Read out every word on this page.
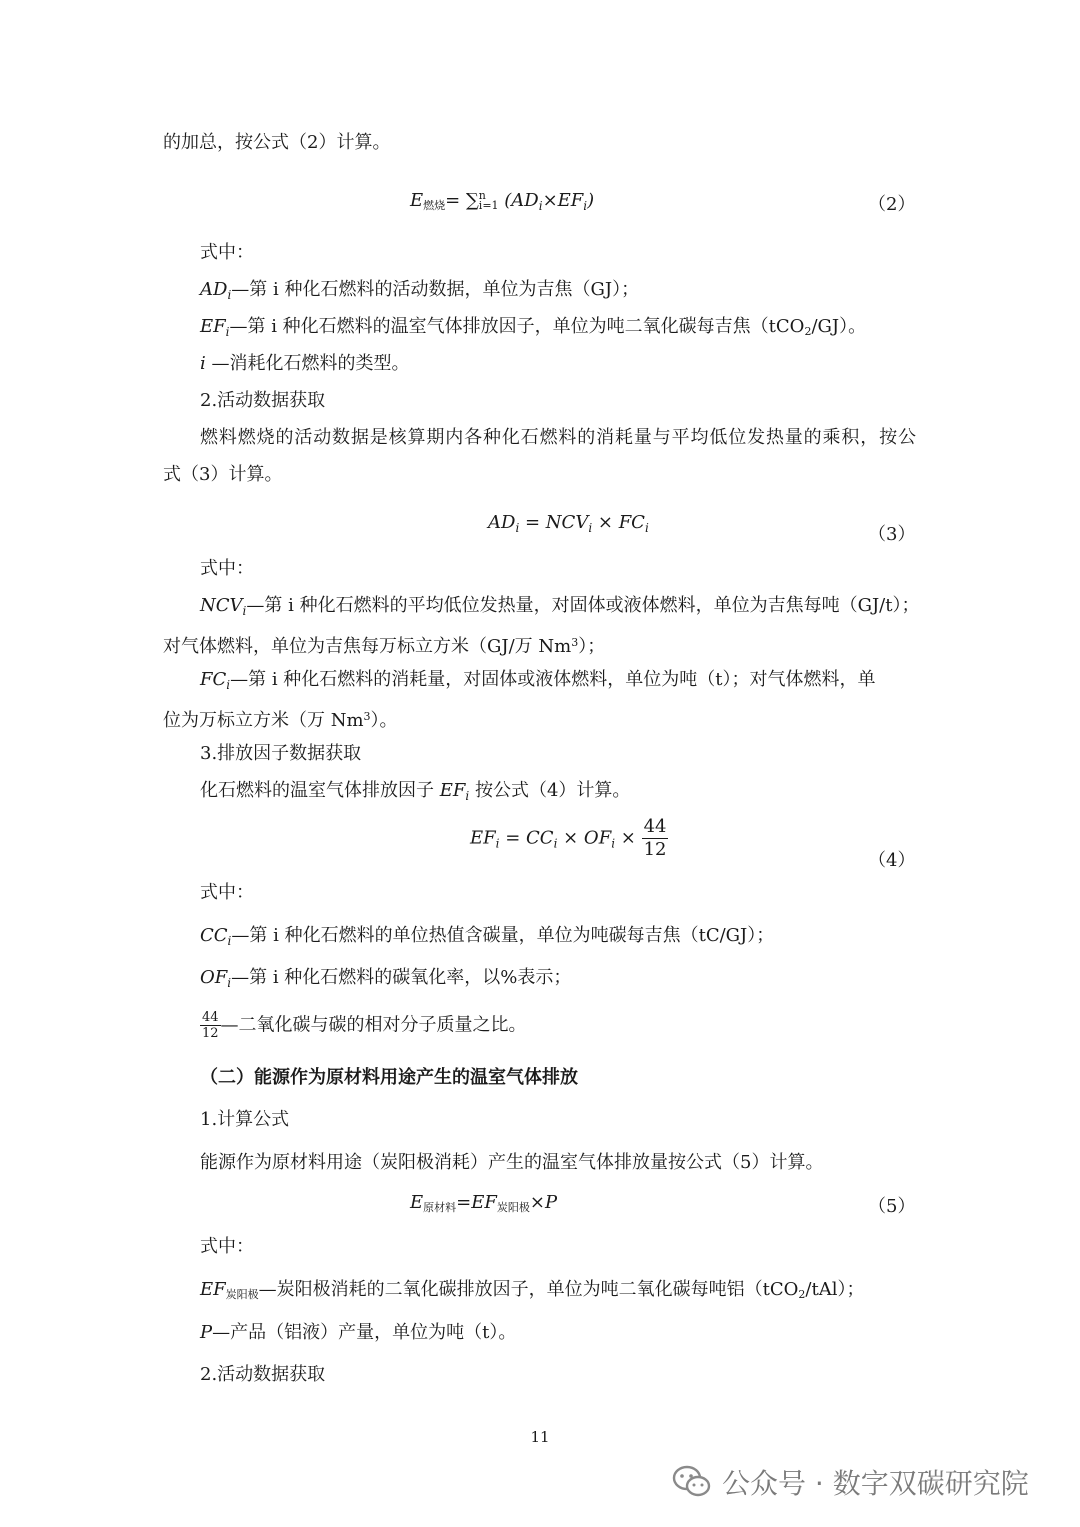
的加总，按公式（2）计算。
$E_{燃烧}=$ ∑ n
i=1 $(AD_i\times EF_i)$	（2）
式中：
$AD_i—$第 i 种化石燃料的活动数据，单位为吉焦（GJ）；
$EF_i—$第 i 种化石燃料的温室气体排放因子，单位为吨二氧化碳每吉焦（tCO$_2$/GJ）。
i —消耗化石燃料的类型。
2.活动数据获取
燃料燃烧的活动数据是核算期内各种化石燃料的消耗量与平均低位发热量的乘积，按公
式（3）计算。
$AD_i = NCV_i \times FC_i$	（3）
式中：
$NCV_i—$第 i 种化石燃料的平均低位发热量，对固体或液体燃料，单位为吉焦每吨（GJ/t）；
对气体燃料，单位为吉焦每万标立方米（GJ/万 Nm$^3$）；
$FC_i—$第 i 种化石燃料的消耗量，对固体或液体燃料，单位为吨（t）；对气体燃料，单
位为万标立方米（万 Nm$^3$）。
3.排放因子数据获取
化石燃料的温室气体排放因子 $EF_i$ 按公式（4）计算。
$EF_i = CC_i \times OF_i \times \frac{44}{12}$	（4）
式中：
$CC_i—$第 i 种化石燃料的单位热值含碳量，单位为吨碳每吉焦（tC/GJ）；
$OF_i—$第 i 种化石燃料的碳氧化率，以%表示；
$\frac{44}{12}$ —二氧化碳与碳的相对分子质量之比。
（二）能源作为原材料用途产生的温室气体排放
1.计算公式
能源作为原材料用途（炭阳极消耗）产生的温室气体排放量按公式（5）计算。
$E_{原材料}=EF_{炭阳极}\times P$	（5）
式中：
$EF_{炭阳极}—$炭阳极消耗的二氧化碳排放因子，单位为吨二氧化碳每吨铝（tCO$_2$/tAl）；
P—产品（铝液）产量，单位为吨（t）。
2.活动数据获取
11
公众号 · 数字双碳研究院
